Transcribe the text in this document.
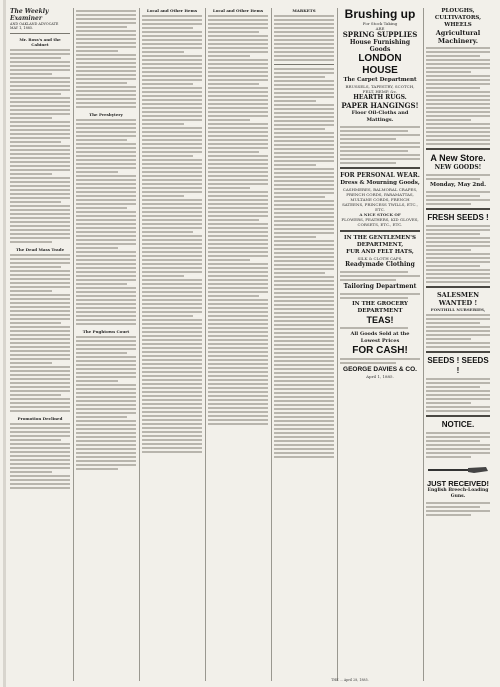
The Weekly Examiner
AND OAKLAND ADVOCATE
MAY 1, 1885.
Mr. Ross's and the Cabinet
The Dead Mass Trade
Promotion Declined
The Presbytery
The Pughtown Court
Local and Other Items	Local and Other Items	MARKETS	Brushing up
For Stock Taking
ARE
SPRING SUPPLIES
House Furnishing Goods
LONDON HOUSE
The Carpet Department
BRUSSELS, TAPESTRY, SCOTCH, FELT, HEMP, &c.
HEARTH RUGS.
PAPER HANGINGS!
Floor Oil-Cloths and Mattings.
FOR PERSONAL WEAR.
Dress & Mourning Goods,
CASHMERES, BALMORAL CRAPES, FRENCH CORDS, PARAMATTAS, MULTANE CORDS, FRENCH SATEENS, PRINCESS TWILLS, ETC., ETC.
A NICE STOCK OF
FLOWERS, FEATHERS, KID GLOVES, CORSETS, ETC., ETC.
IN THE GENTLEMEN'S DEPARTMENT,
FUR AND FELT HATS,
SILK & CLOTH CAPS.
Readymade Clothing
Tailoring Department
IN THE GROCERY DEPARTMENT
TEAS!
All Goods Sold at the Lowest Prices
FOR CASH!
GEORGE DAVIES & CO.
April 1, 1885.
PLOUGHS, CULTIVATORS, WHEELS
Agricultural Machinery.
A New Store.
NEW GOODS!
Monday, May 2nd.
FRESH SEEDS !
SALESMEN WANTED !
FONTHILL NURSERIES,
SEEDS ! SEEDS !
NOTICE.
JUST RECEIVED!
English Breech-Loading Guns.
THE ... April 28, 1885.
